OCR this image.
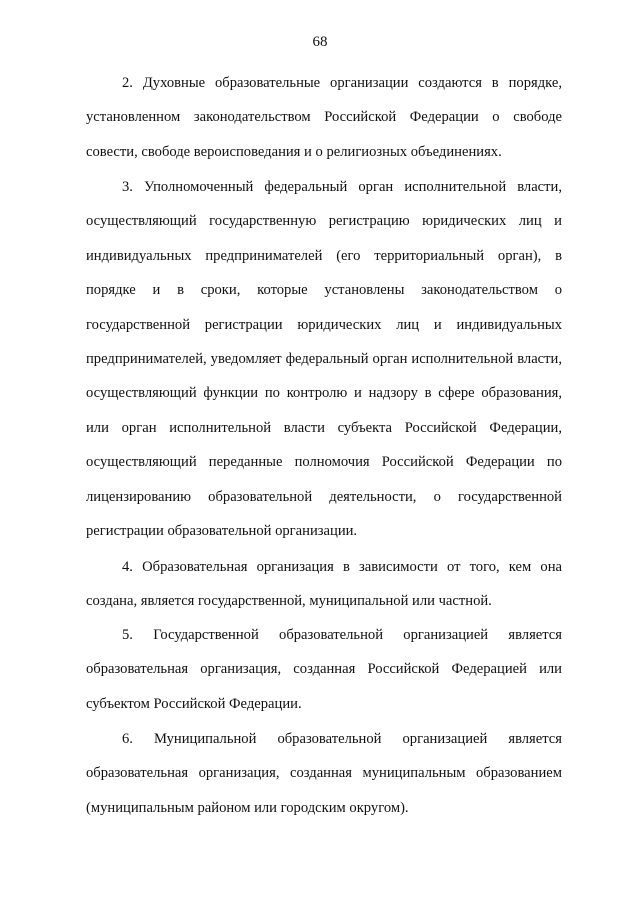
68

2. Духовные образовательные организации создаются в порядке, установленном законодательством Российской Федерации о свободе совести, свободе вероисповедания и о религиозных объединениях.

3. Уполномоченный федеральный орган исполнительной власти, осуществляющий государственную регистрацию юридических лиц и индивидуальных предпринимателей (его территориальный орган), в порядке и в сроки, которые установлены законодательством о государственной регистрации юридических лиц и индивидуальных предпринимателей, уведомляет федеральный орган исполнительной власти, осуществляющий функции по контролю и надзору в сфере образования, или орган исполнительной власти субъекта Российской Федерации, осуществляющий переданные полномочия Российской Федерации по лицензированию образовательной деятельности, о государственной регистрации образовательной организации.

4. Образовательная организация в зависимости от того, кем она создана, является государственной, муниципальной или частной.

5. Государственной образовательной организацией является образовательная организация, созданная Российской Федерацией или субъектом Российской Федерации.

6. Муниципальной образовательной организацией является образовательная организация, созданная муниципальным образованием (муниципальным районом или городским округом).
